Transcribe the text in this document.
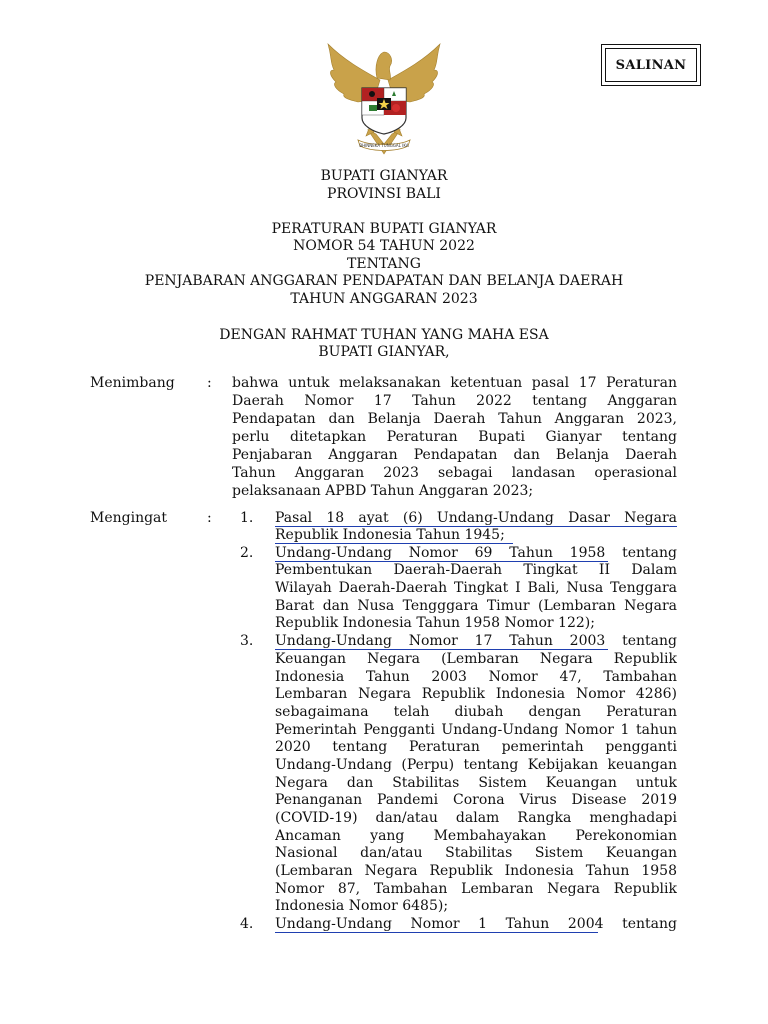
BHINNEKA TUNGGAL IKA
SALINAN
BUPATI GIANYAR
PROVINSI BALI
PERATURAN BUPATI GIANYAR
NOMOR 54 TAHUN 2022
TENTANG
PENJABARAN ANGGARAN PENDAPATAN DAN BELANJA DAERAH
TAHUN ANGGARAN 2023
DENGAN RAHMAT TUHAN YANG MAHA ESA
BUPATI GIANYAR,
Menimbang : bahwa untuk melaksanakan ketentuan pasal 17 Peraturan
Daerah Nomor 17 Tahun 2022 tentang Anggaran
Pendapatan dan Belanja Daerah Tahun Anggaran 2023,
perlu ditetapkan Peraturan Bupati Gianyar tentang
Penjabaran Anggaran Pendapatan dan Belanja Daerah
Tahun Anggaran 2023 sebagai landasan operasional
pelaksanaan APBD Tahun Anggaran 2023;
Mengingat	: 1. Pasal 18 ayat (6) Undang-Undang Dasar Negara
Republik Indonesia Tahun 1945;
2. Undang-Undang Nomor 69 Tahun 1958 tentang
Pembentukan Daerah-Daerah Tingkat II Dalam
Wilayah Daerah-Daerah Tingkat I Bali, Nusa Tenggara
Barat dan Nusa Tengggara Timur (Lembaran Negara
Republik Indonesia Tahun 1958 Nomor 122);
3. Undang-Undang Nomor 17 Tahun 2003 tentang
Keuangan Negara (Lembaran Negara Republik
Indonesia Tahun 2003 Nomor 47, Tambahan
Lembaran Negara Republik Indonesia Nomor 4286)
sebagaimana telah diubah dengan Peraturan
Pemerintah Pengganti Undang-Undang Nomor 1 tahun
2020 tentang Peraturan pemerintah pengganti
Undang-Undang (Perpu) tentang Kebijakan keuangan
Negara dan Stabilitas Sistem Keuangan untuk
Penanganan Pandemi Corona Virus Disease 2019
(COVID-19) dan/atau dalam Rangka menghadapi
Ancaman yang Membahayakan Perekonomian
Nasional dan/atau Stabilitas Sistem Keuangan
(Lembaran Negara Republik Indonesia Tahun 1958
Nomor 87, Tambahan Lembaran Negara Republik
Indonesia Nomor 6485);
4. Undang-Undang Nomor 1 Tahun 2004 tentang
